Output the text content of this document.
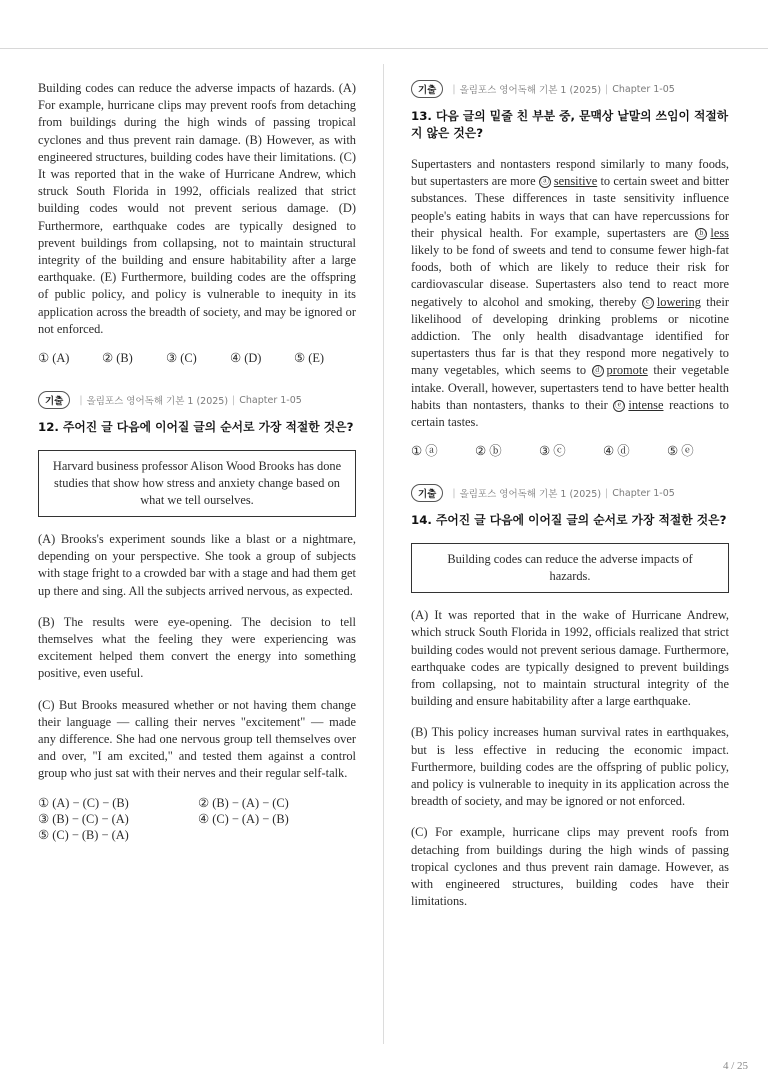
Building codes can reduce the adverse impacts of hazards. (A) For example, hurricane clips may prevent roofs from detaching from buildings during the high winds of passing tropical cyclones and thus prevent rain damage. (B) However, as with engineered structures, building codes have their limitations. (C) It was reported that in the wake of Hurricane Andrew, which struck South Florida in 1992, officials realized that strict building codes would not prevent serious damage. (D) Furthermore, earthquake codes are typically designed to prevent buildings from collapsing, not to maintain structural integrity of the building and ensure habitability after a large earthquake. (E) Furthermore, building codes are the offspring of public policy, and policy is vulnerable to inequity in its application across the breadth of society, and may be ignored or not enforced.

① (A)	② (B)	③ (C)	④ (D)	⑤ (E)
기출	| 올림포스 영어독해 기본 1 (2025) | Chapter 1-05
12. 주어진 글 다음에 이어질 글의 순서로 가장 적절한 것은?
Harvard business professor Alison Wood Brooks has done studies that show how stress and anxiety change based on what we tell ourselves.

(A) Brooks's experiment sounds like a blast or a nightmare, depending on your perspective. She took a group of subjects with stage fright to a crowded bar with a stage and had them get up there and sing. All the subjects arrived nervous, as expected.

(B) The results were eye-opening. The decision to tell themselves what the feeling they were experiencing was excitement helped them convert the energy into something positive, even useful.

(C) But Brooks measured whether or not having them change their language — calling their nerves "excitement" — made any difference. She had one nervous group tell themselves over and over, "I am excited," and tested them against a control group who just sat with their nerves and their regular self-talk.

① (A) − (C) − (B)	② (B) − (A) − (C)
③ (B) − (C) − (A)	④ (C) − (A) − (B)
⑤ (C) − (B) − (A)
기출	| 올림포스 영어독해 기본 1 (2025) | Chapter 1-05
13. 다음 글의 밑줄 친 부분 중, 문맥상 낱말의 쓰임이 적절하지 않은 것은?

Supertasters and nontasters respond similarly to many foods, but supertasters are more ⓐ sensitive to certain sweet and bitter substances. These differences in taste sensitivity influence people's eating habits in ways that can have repercussions for their physical health. For example, supertasters are ⓑ less likely to be fond of sweets and tend to consume fewer high-fat foods, both of which are likely to reduce their risk for cardiovascular disease. Supertasters also tend to react more negatively to alcohol and smoking, thereby ⓒ lowering their likelihood of developing drinking problems or nicotine addiction. The only health disadvantage identified for supertasters thus far is that they respond more negatively to many vegetables, which seems to ⓓ promote their vegetable intake. Overall, however, supertasters tend to have better health habits than nontasters, thanks to their ⓔ intense reactions to certain tastes.

① ⓐ	② ⓑ	③ ⓒ	④ ⓓ	⑤ ⓔ
기출	| 올림포스 영어독해 기본 1 (2025) | Chapter 1-05
14. 주어진 글 다음에 이어질 글의 순서로 가장 적절한 것은?
Building codes can reduce the adverse impacts of hazards.

(A) It was reported that in the wake of Hurricane Andrew, which struck South Florida in 1992, officials realized that strict building codes would not prevent serious damage. Furthermore, earthquake codes are typically designed to prevent buildings from collapsing, not to maintain structural integrity of the building and ensure habitability after a large earthquake.

(B) This policy increases human survival rates in earthquakes, but is less effective in reducing the economic impact. Furthermore, building codes are the offspring of public policy, and policy is vulnerable to inequity in its application across the breadth of society, and may be ignored or not enforced.

(C) For example, hurricane clips may prevent roofs from detaching from buildings during the high winds of passing tropical cyclones and thus prevent rain damage. However, as with engineered structures, building codes have their limitations.

4 / 25
